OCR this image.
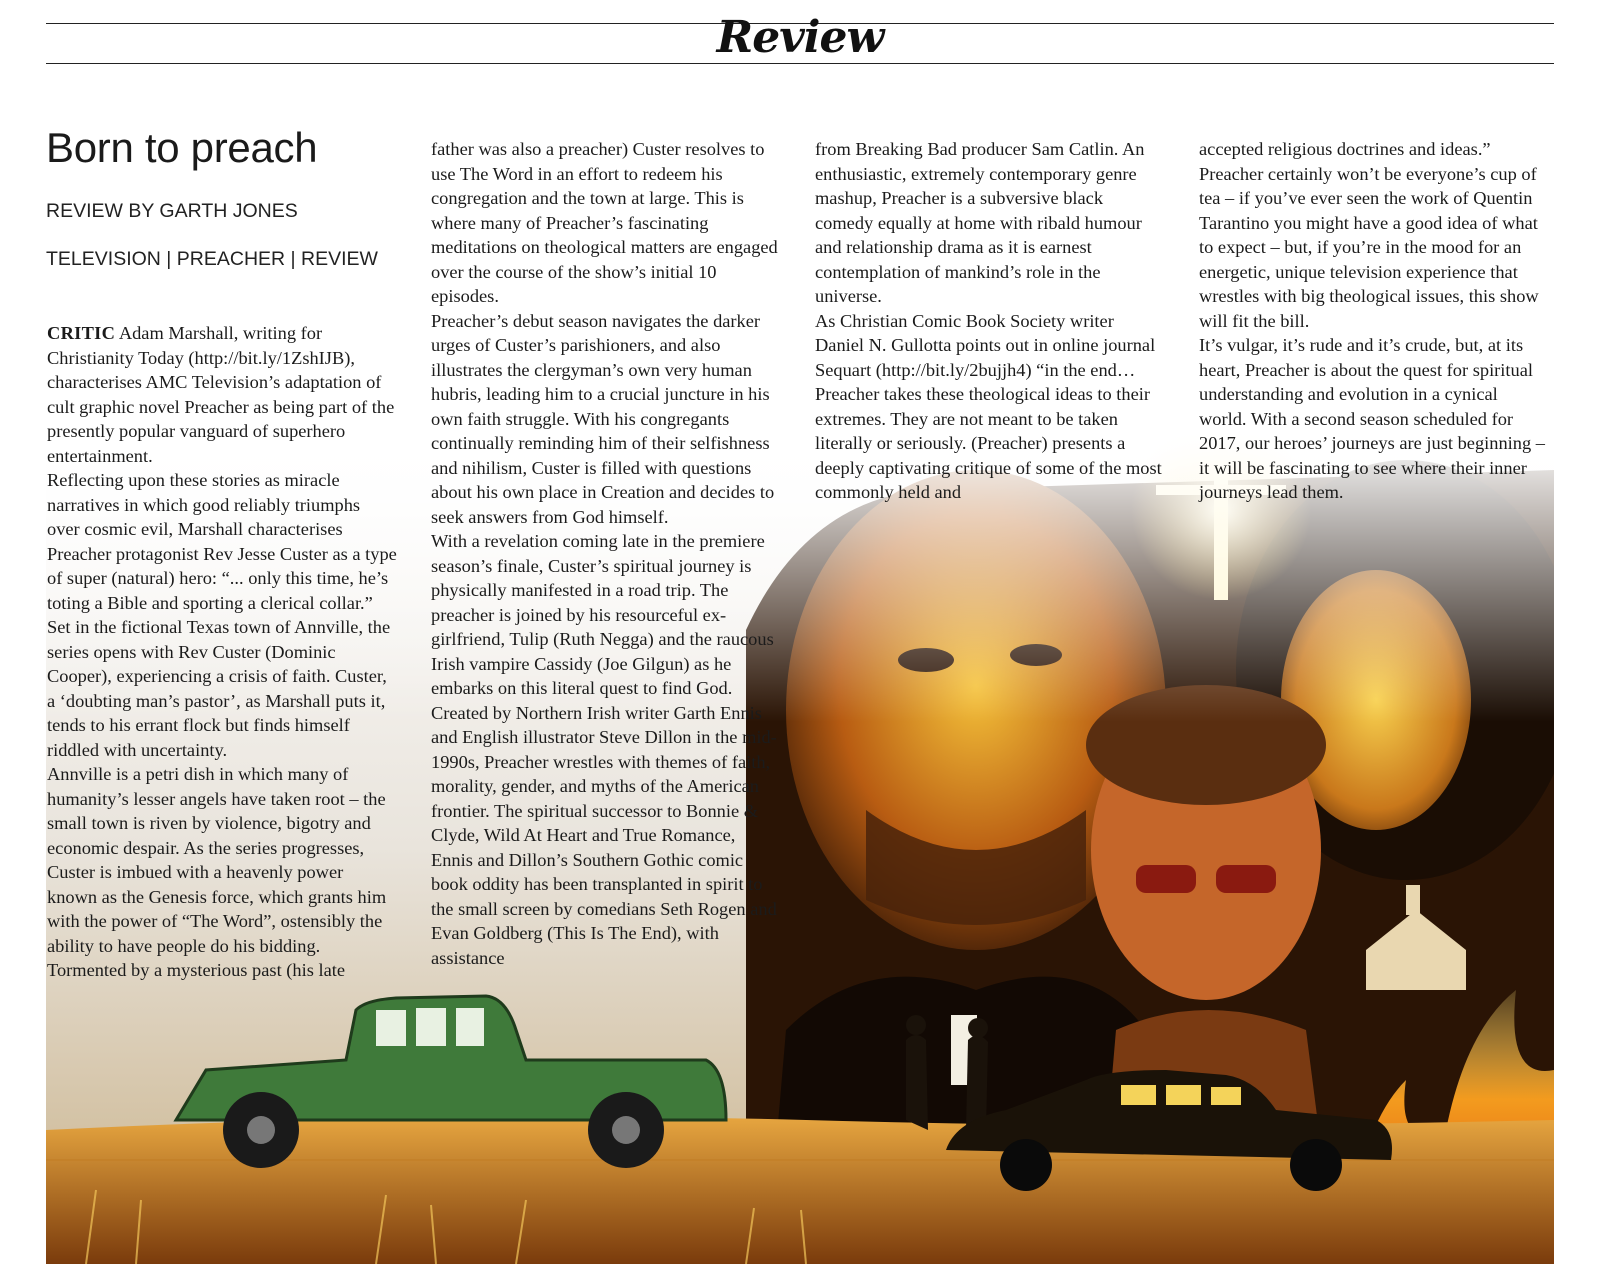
Review
Born to preach
REVIEW BY GARTH JONES
TELEVISION | PREACHER | REVIEW

CRITIC Adam Marshall, writing for Christianity Today (http://bit.ly/1ZshIJB), characterises AMC Television’s adaptation of cult graphic novel Preacher as being part of the presently popular vanguard of superhero entertainment.

Reflecting upon these stories as miracle narratives in which good reliably triumphs over cosmic evil, Marshall characterises Preacher protagonist Rev Jesse Custer as a type of super (natural) hero: “... only this time, he’s toting a Bible and sporting a clerical collar.”

Set in the fictional Texas town of Annville, the series opens with Rev Custer (Dominic Cooper), experiencing a crisis of faith. Custer, a ‘doubting man’s pastor’, as Marshall puts it, tends to his errant flock but finds himself riddled with uncertainty.

Annville is a petri dish in which many of humanity’s lesser angels have taken root – the small town is riven by violence, bigotry and economic despair. As the series progresses, Custer is imbued with a heavenly power known as the Genesis force, which grants him with the power of “The Word”, ostensibly the ability to have people do his bidding.

Tormented by a mysterious past (his late

father was also a preacher) Custer resolves to use The Word in an effort to redeem his congregation and the town at large. This is where many of Preacher’s fascinating meditations on theological matters are engaged over the course of the show’s initial 10 episodes.

Preacher’s debut season navigates the darker urges of Custer’s parishioners, and also illustrates the clergyman’s own very human hubris, leading him to a crucial juncture in his own faith struggle. With his congregants continually reminding him of their selfishness and nihilism, Custer is filled with questions about his own place in Creation and decides to seek answers from God himself.

With a revelation coming late in the premiere season’s finale, Custer’s spiritual journey is physically manifested in a road trip. The preacher is joined by his resourceful ex-girlfriend, Tulip (Ruth Negga) and the raucous Irish vampire Cassidy (Joe Gilgun) as he embarks on this literal quest to find God.

Created by Northern Irish writer Garth Ennis and English illustrator Steve Dillon in the mid-1990s, Preacher wrestles with themes of faith, morality, gender, and myths of the American frontier. The spiritual successor to Bonnie & Clyde, Wild At Heart and True Romance, Ennis and Dillon’s Southern Gothic comic book oddity has been transplanted in spirit to the small screen by comedians Seth Rogen and Evan Goldberg (This Is The End), with assistance

from Breaking Bad producer Sam Catlin. An enthusiastic, extremely contemporary genre mashup, Preacher is a subversive black comedy equally at home with ribald humour and relationship drama as it is earnest contemplation of mankind’s role in the universe.

As Christian Comic Book Society writer Daniel N. Gullotta points out in online journal Sequart (http://bit.ly/2bujjh4) “in the end… Preacher takes these theological ideas to their extremes. They are not meant to be taken literally or seriously. (Preacher) presents a deeply captivating critique of some of the most commonly held and

accepted religious doctrines and ideas.” Preacher certainly won’t be everyone’s cup of tea – if you’ve ever seen the work of Quentin Tarantino you might have a good idea of what to expect – but, if you’re in the mood for an energetic, unique television experience that wrestles with big theological issues, this show will fit the bill.

It’s vulgar, it’s rude and it’s crude, but, at its heart, Preacher is about the quest for spiritual understanding and evolution in a cynical world. With a second season scheduled for 2017, our heroes’ journeys are just beginning – it will be fascinating to see where their inner journeys lead them.
